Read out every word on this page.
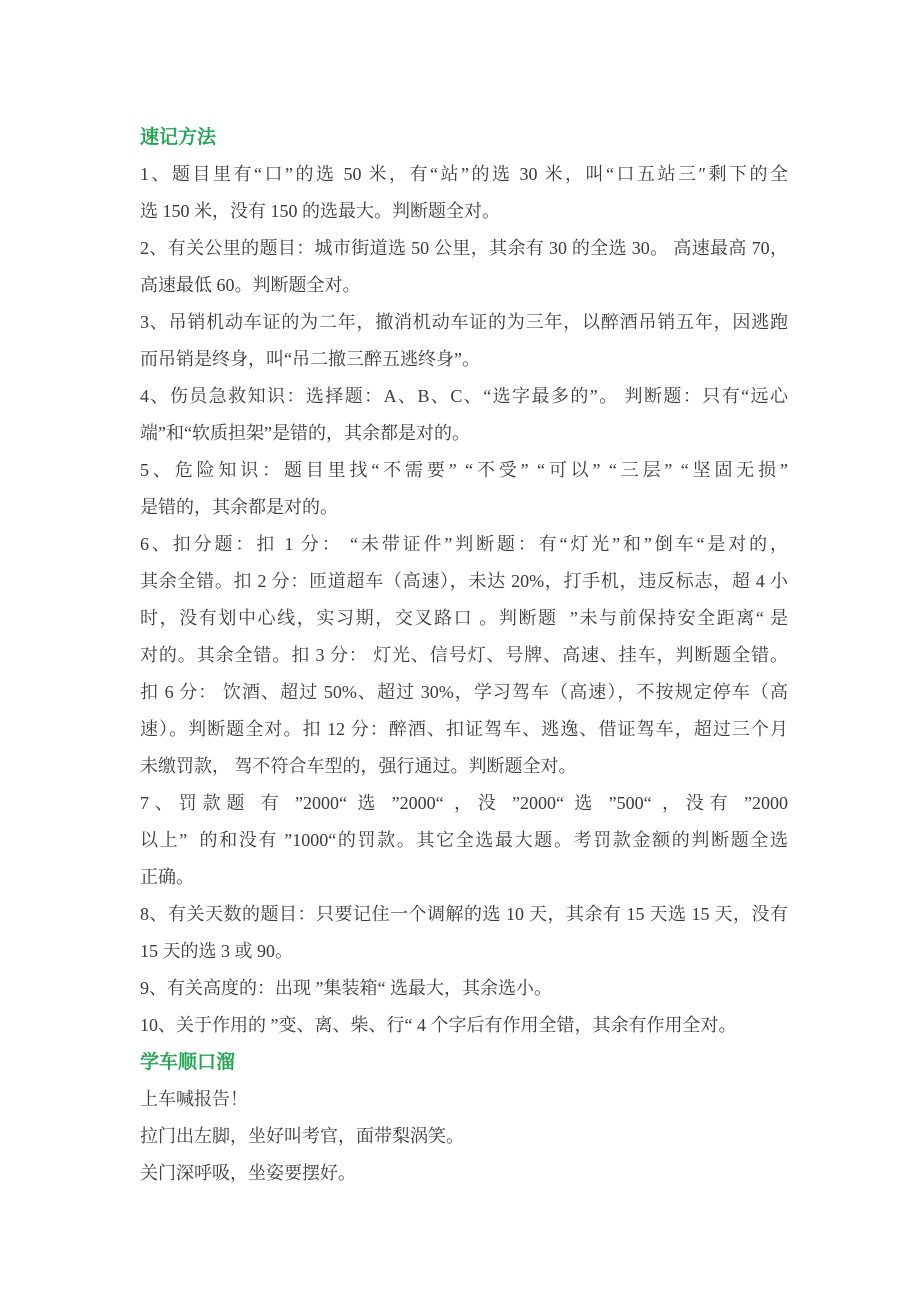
速记方法
1、题目里有“口”的选 50 米，有“站”的选 30 米，叫“口五站三″剩下的全
选 150 米，没有 150 的选最大。判断题全对。
2、有关公里的题目：城市街道选 50 公里，其余有 30 的全选 30。 高速最高 70，
高速最低 60。判断题全对。
3、吊销机动车证的为二年，撤消机动车证的为三年，以醉酒吊销五年，因逃跑
而吊销是终身，叫“吊二撤三醉五逃终身”。
4、伤员急救知识：选择题：A、B、C、“选字最多的”。 判断题：只有“远心
端”和“软质担架”是错的，其余都是对的。
5、危险知识：题目里找“不需要” “不受” “可以” “三层” “坚固无损”
是错的，其余都是对的。
6、扣分题：扣 1 分： “未带证件”判断题：有“灯光”和”倒车“是对的，
其余全错。扣 2 分：匝道超车（高速），未达 20%，打手机，违反标志，超 4 小
时，没有划中心线，实习期，交叉路口 。判断题  ”未与前保持安全距离“ 是
对的。其余全错。扣 3 分： 灯光、信号灯、号牌、高速、挂车，判断题全错。
扣 6 分： 饮酒、超过 50%、超过 30%，学习驾车（高速），不按规定停车（高
速）。判断题全对。扣 12 分：醉酒、扣证驾车、逃逸、借证驾车，超过三个月
未缴罚款， 驾不符合车型的，强行通过。判断题全对。
7、罚款题 有 ”2000“ 选 ”2000“ ，没 ”2000“ 选 ”500“ ，没有 ”2000
以上”  的和没有 ”1000“的罚款。其它全选最大题。考罚款金额的判断题全选
正确。
8、有关天数的题目：只要记住一个调解的选 10 天，其余有 15 天选 15 天，没有
15 天的选 3 或 90。
9、有关高度的：出现 ”集装箱“ 选最大，其余选小。
10、关于作用的 ”变、离、柴、行“ 4 个字后有作用全错，其余有作用全对。
学车顺口溜
上车喊报告！
拉门出左脚，坐好叫考官，面带梨涡笑。
关门深呼吸，坐姿要摆好。
